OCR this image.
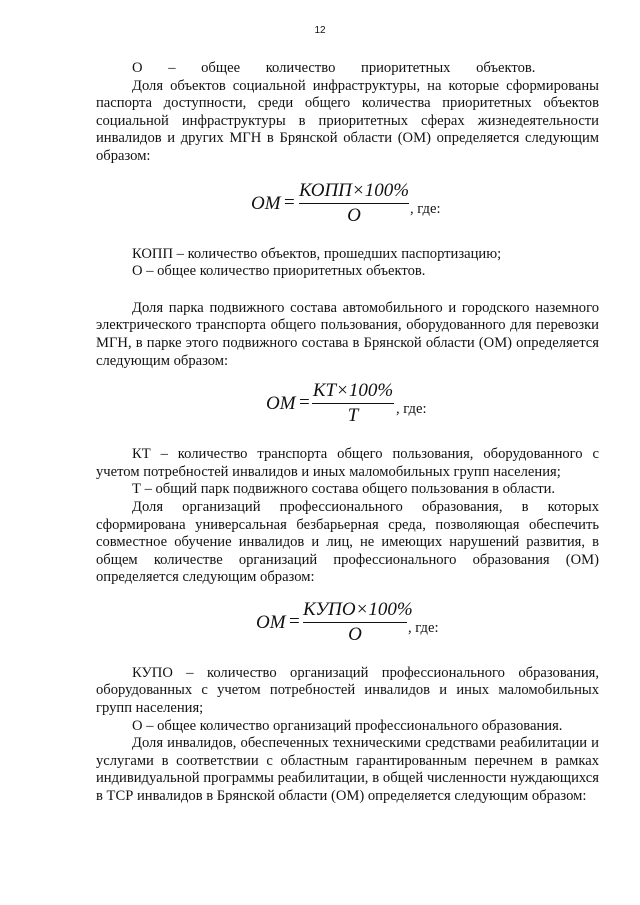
12

О – общее количество приоритетных объектов.

Доля объектов социальной инфраструктуры, на которые сформированы паспорта доступности, среди общего количества приоритетных объектов социальной инфраструктуры в приоритетных сферах жизнедеятельности инвалидов и других МГН в Брянской области (ОМ) определяется следующим образом:

ОМ =
КОПП×100%
О	, где:

КОПП – количество объектов, прошедших паспортизацию;

О – общее количество приоритетных объектов.

Доля парка подвижного состава автомобильного и городского наземного электрического транспорта общего пользования, оборудованного для перевозки МГН, в парке этого подвижного состава в Брянской области (ОМ) определяется следующим образом:

ОМ =
КТ×100%
Т	, где:

КТ – количество транспорта общего пользования, оборудованного с учетом потребностей инвалидов и иных маломобильных групп населения;

Т – общий парк подвижного состава общего пользования в области.

Доля организаций профессионального образования, в которых сформирована универсальная безбарьерная среда, позволяющая обеспечить совместное обучение инвалидов и лиц, не имеющих нарушений развития, в общем количестве организаций профессионального образования (ОМ) определяется следующим образом:

ОМ =
КУПО×100%
О	, где:

КУПО – количество организаций профессионального образования, оборудованных с учетом потребностей инвалидов и иных маломобильных групп населения;

О – общее количество организаций профессионального образования.

Доля инвалидов, обеспеченных техническими средствами реабилитации и услугами в соответствии с областным гарантированным перечнем в рамках индивидуальной программы реабилитации, в общей численности нуждающихся в ТСР инвалидов в Брянской области (ОМ) определяется следующим образом:
